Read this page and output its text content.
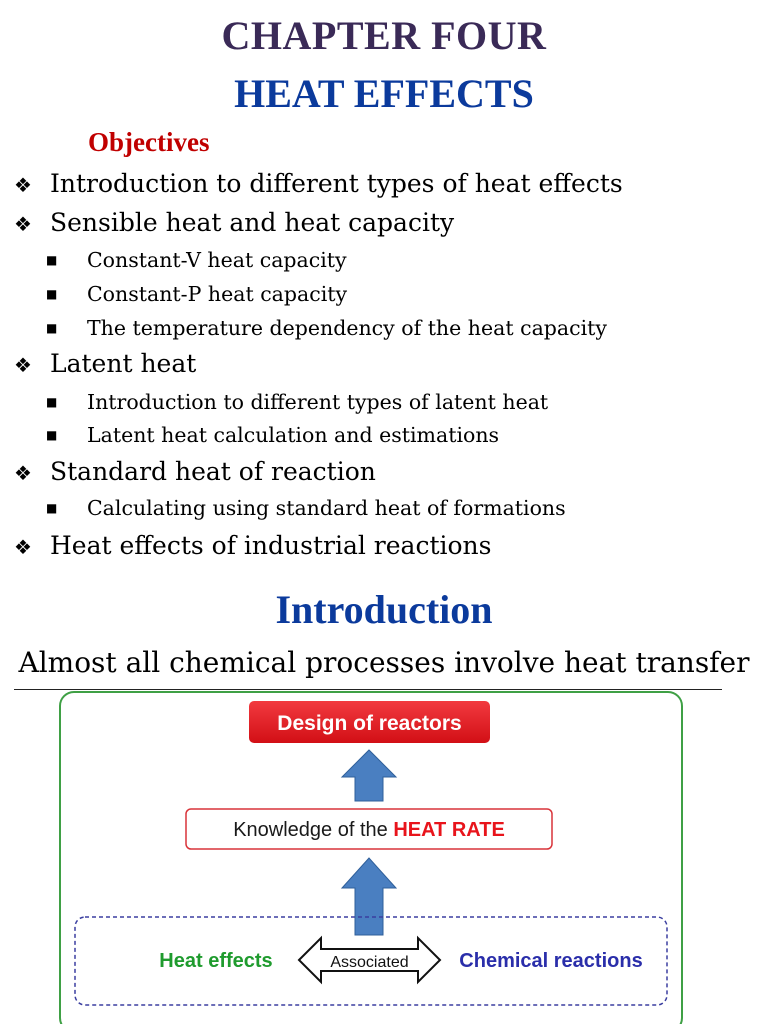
CHAPTER FOUR
HEAT EFFECTS
Objectives
❖ Introduction to different types of heat effects
❖ Sensible heat and heat capacity
■ Constant-V heat capacity
■ Constant-P heat capacity
■ The temperature dependency of the heat capacity
❖ Latent heat
■ Introduction to different types of latent heat
■ Latent heat calculation and estimations
❖ Standard heat of reaction
■ Calculating using standard heat of formations
❖ Heat effects of industrial reactions
Introduction
Almost all chemical processes involve heat transfer
Design of reactors
Knowledge of the HEAT RATE
Heat effects	Associated	Chemical reactions
